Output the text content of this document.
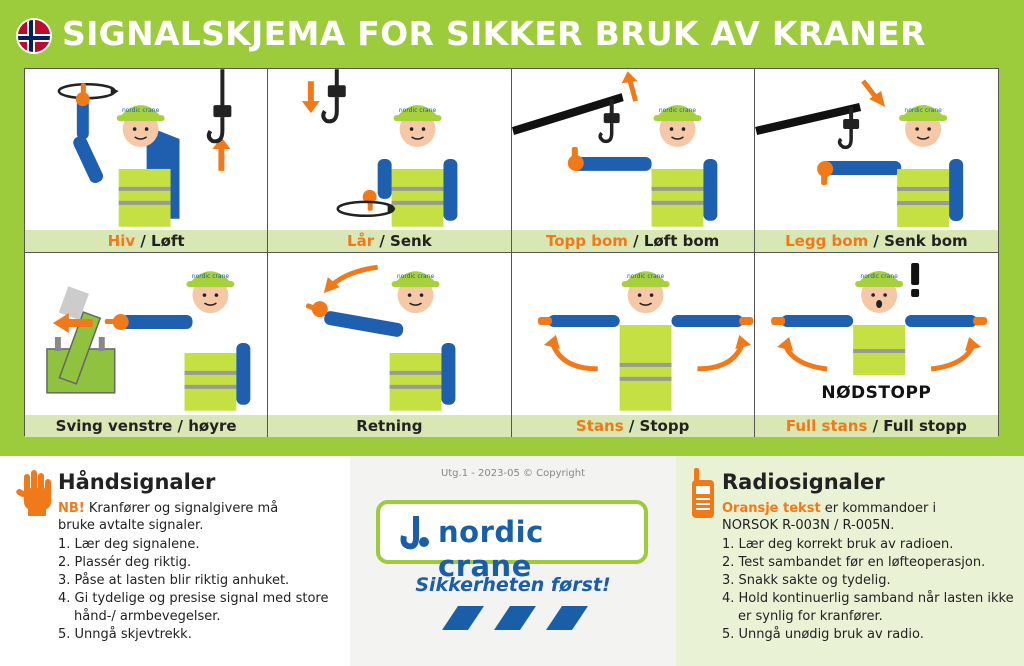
SIGNALSKJEMA FOR SIKKER BRUK AV KRANER
nordic crane
Hiv / Løft
nordic crane
Lår / Senk
nordic crane
Topp bom / Løft bom
nordic crane
Legg bom / Senk bom
nordic crane
Sving venstre / høyre
nordic crane
Retning
nordic crane
Stans / Stopp
nordic crane
NØDSTOPP
Full stans / Full stopp
Håndsignaler
NB! Kranfører og signalgivere må
bruke avtalte signaler.
1. Lær deg signalene.
2. Plassér deg riktig.
3. Påse at lasten blir riktig anhuket.
4. Gi tydelige og presise signal med store hånd-/ armbevegelser.
5. Unngå skjevtrekk.
Utg.1 - 2023-05 © Copyright
nordic crane
Sikkerheten først!
Radiosignaler
Oransje tekst er kommandoer i
NORSOK R-003N / R-005N.
1. Lær deg korrekt bruk av radioen.
2. Test sambandet før en løfteoperasjon.
3. Snakk sakte og tydelig.
4. Hold kontinuerlig samband når lasten ikke er synlig for kranfører.
5. Unngå unødig bruk av radio.
